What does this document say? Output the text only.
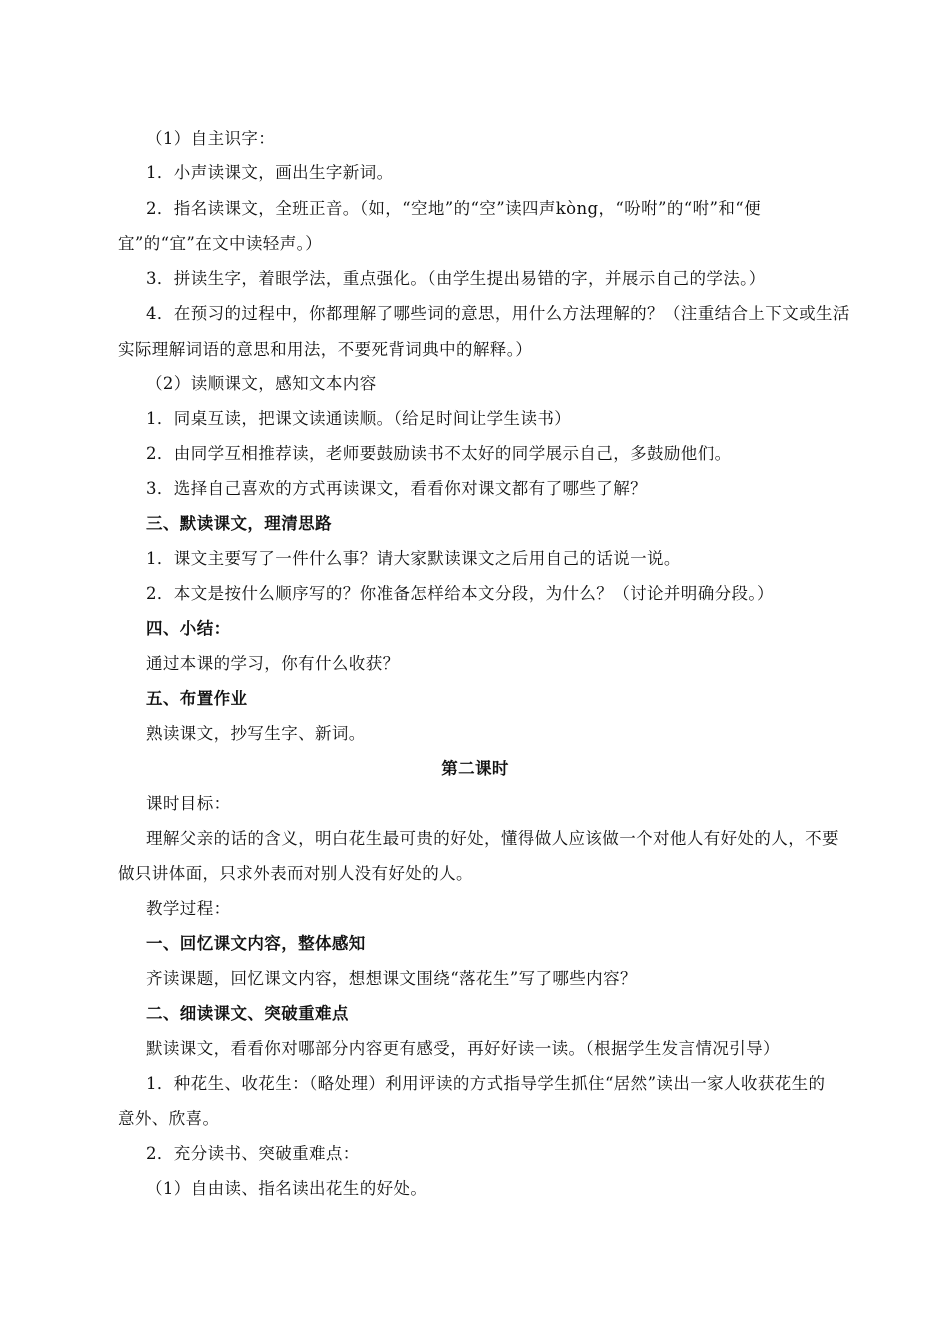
（1）自主识字：
1．小声读课文，画出生字新词。
2．指名读课文，全班正音。（如，“空地”的“空”读四声kòng，“吩咐”的“咐”和“便
宜”的“宜”在文中读轻声。）
3．拼读生字，着眼学法，重点强化。（由学生提出易错的字，并展示自己的学法。）
4．在预习的过程中，你都理解了哪些词的意思，用什么方法理解的？（注重结合上下文或生活
实际理解词语的意思和用法，不要死背词典中的解释。）
（2）读顺课文，感知文本内容
1．同桌互读，把课文读通读顺。（给足时间让学生读书）
2．由同学互相推荐读，老师要鼓励读书不太好的同学展示自己，多鼓励他们。
3．选择自己喜欢的方式再读课文，看看你对课文都有了哪些了解？
三、默读课文，理清思路
1．课文主要写了一件什么事？请大家默读课文之后用自己的话说一说。
2．本文是按什么顺序写的？你准备怎样给本文分段，为什么？（讨论并明确分段。）
四、小结：
通过本课的学习，你有什么收获？
五、布置作业
熟读课文，抄写生字、新词。
第二课时
课时目标：
理解父亲的话的含义，明白花生最可贵的好处，懂得做人应该做一个对他人有好处的人，不要
做只讲体面，只求外表而对别人没有好处的人。
教学过程：
一、回忆课文内容，整体感知
齐读课题，回忆课文内容，想想课文围绕“落花生”写了哪些内容？
二、细读课文、突破重难点
默读课文，看看你对哪部分内容更有感受，再好好读一读。（根据学生发言情况引导）
1．种花生、收花生：（略处理）利用评读的方式指导学生抓住“居然”读出一家人收获花生的
意外、欣喜。
2．充分读书、突破重难点：
（1）自由读、指名读出花生的好处。
